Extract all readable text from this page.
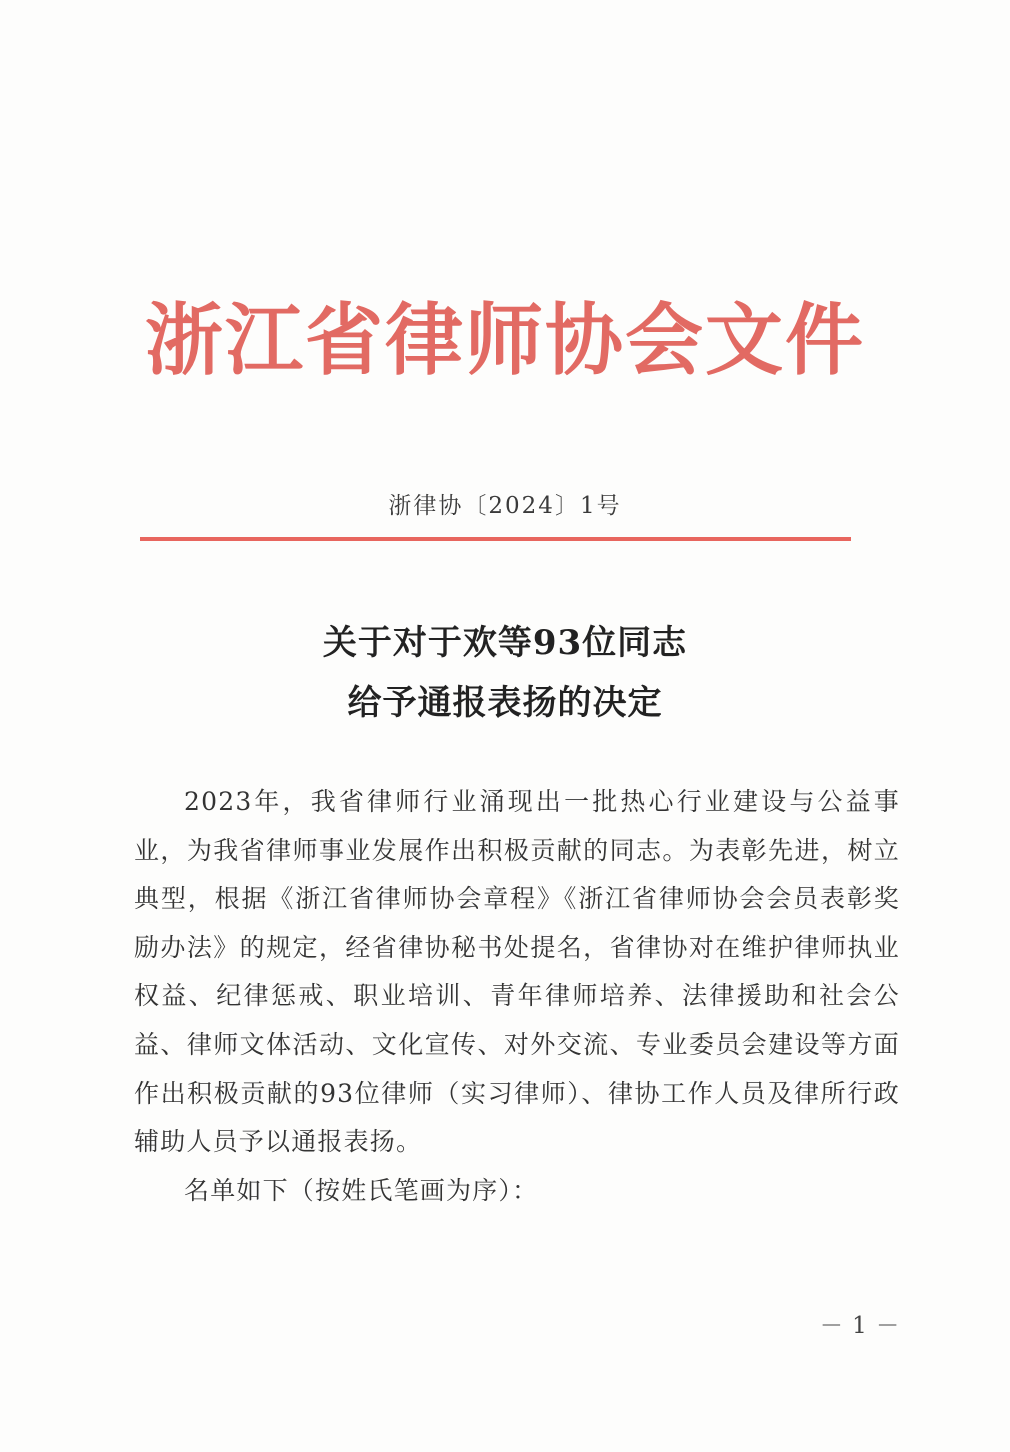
浙江省律师协会文件
浙律协〔2024〕1号
关于对于欢等93位同志
给予通报表扬的决定

2023年，我省律师行业涌现出一批热心行业建设与公益事业，为我省律师事业发展作出积极贡献的同志。为表彰先进，树立典型，根据《浙江省律师协会章程》《浙江省律师协会会员表彰奖励办法》的规定，经省律协秘书处提名，省律协对在维护律师执业权益、纪律惩戒、职业培训、青年律师培养、法律援助和社会公益、律师文体活动、文化宣传、对外交流、专业委员会建设等方面作出积极贡献的93位律师（实习律师）、律协工作人员及律所行政辅助人员予以通报表扬。

名单如下（按姓氏笔画为序）：

－ 1 －
